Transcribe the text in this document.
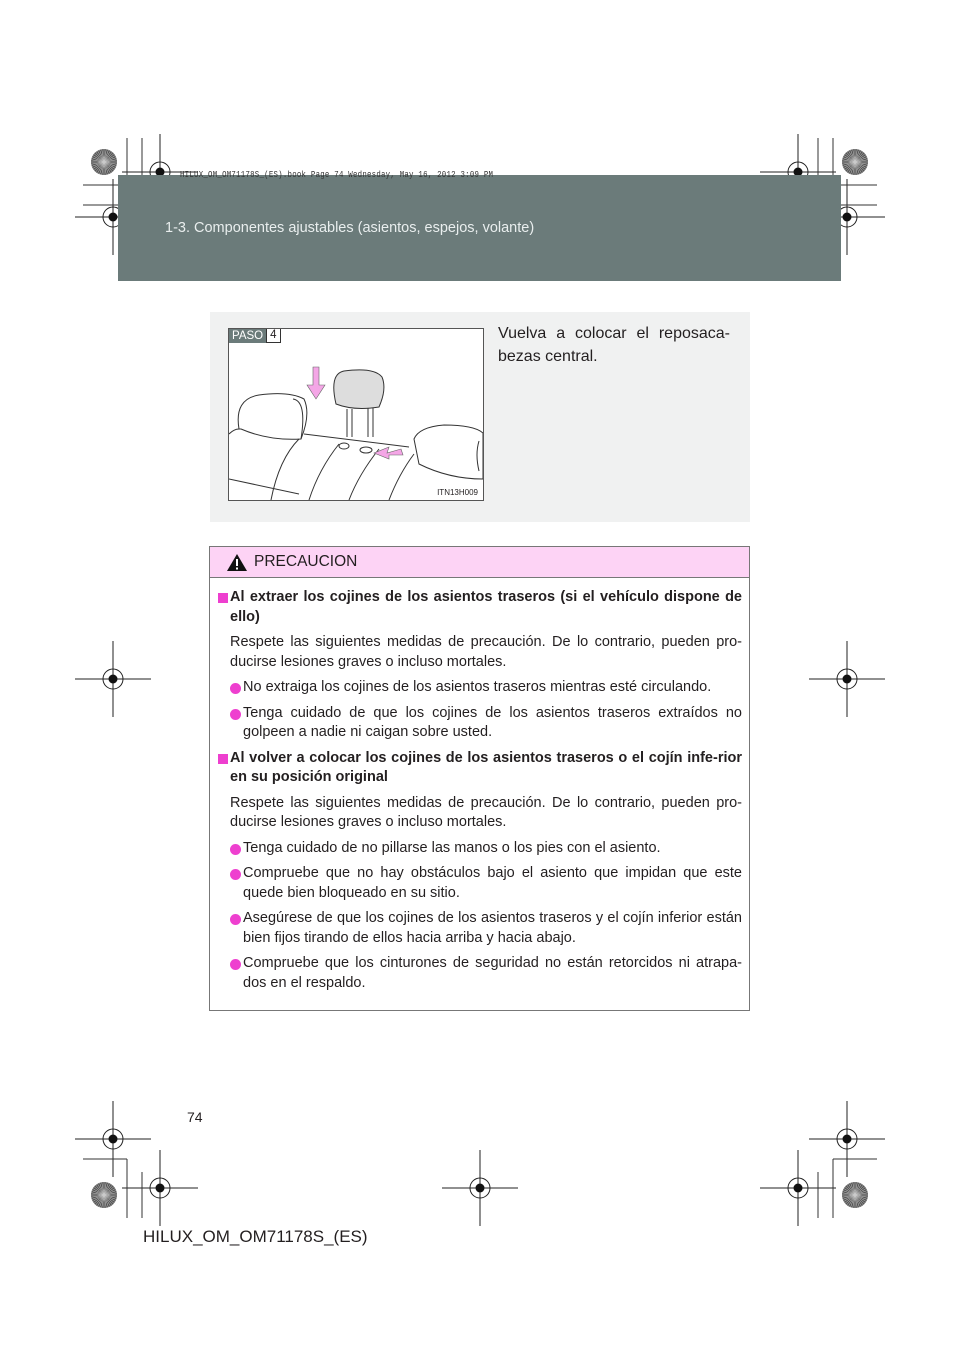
HILUX_OM_OM71178S_(ES).book Page 74 Wednesday, May 16, 2012 3:09 PM
1-3. Componentes ajustables (asientos, espejos, volante)
PASO 4
ITN13H009
Vuelva a colocar el reposaca-bezas central.
PRECAUCION
Al extraer los cojines de los asientos traseros (si el vehículo dispone de ello)
Respete las siguientes medidas de precaución. De lo contrario, pueden pro-ducirse lesiones graves o incluso mortales.
No extraiga los cojines de los asientos traseros mientras esté circulando.
Tenga cuidado de que los cojines de los asientos traseros extraídos no golpeen a nadie ni caigan sobre usted.
Al volver a colocar los cojines de los asientos traseros o el cojín infe-rior en su posición original
Respete las siguientes medidas de precaución. De lo contrario, pueden pro-ducirse lesiones graves o incluso mortales.
Tenga cuidado de no pillarse las manos o los pies con el asiento.
Compruebe que no hay obstáculos bajo el asiento que impidan que este quede bien bloqueado en su sitio.
Asegúrese de que los cojines de los asientos traseros y el cojín inferior están bien fijos tirando de ellos hacia arriba y hacia abajo.
Compruebe que los cinturones de seguridad no están retorcidos ni atrapa-dos en el respaldo.
74
HILUX_OM_OM71178S_(ES)
